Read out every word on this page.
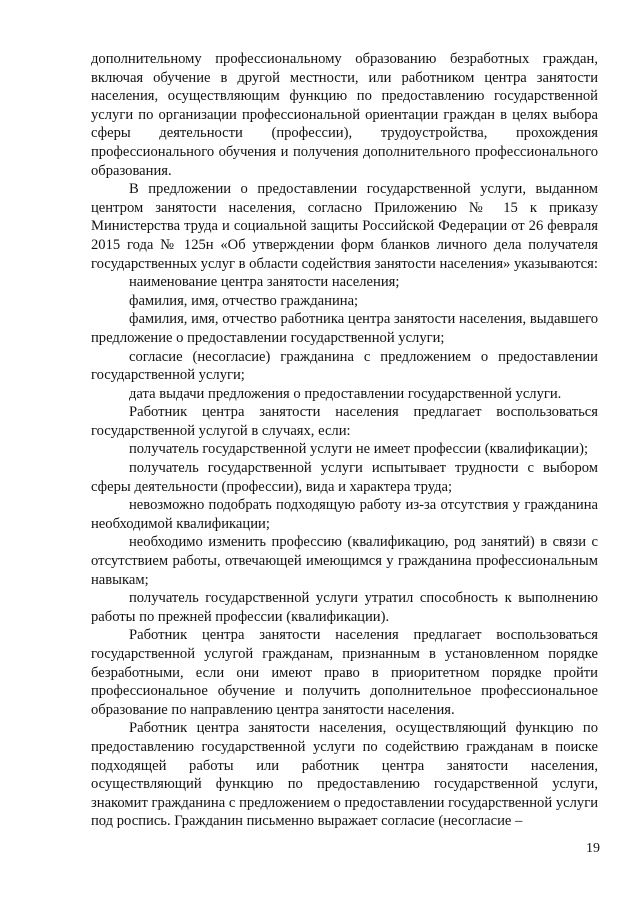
дополнительному профессиональному образованию безработных граждан, включая обучение в другой местности, или работником центра занятости населения, осуществляющим функцию по предоставлению государственной услуги по организации профессиональной ориентации граждан в целях выбора сферы деятельности (профессии), трудоустройства, прохождения профессионального обучения и получения дополнительного профессионального образования.

В предложении о предоставлении государственной услуги, выданном центром занятости населения, согласно Приложению № 15 к приказу Министерства труда и социальной защиты Российской Федерации от 26 февраля 2015 года № 125н «Об утверждении форм бланков личного дела получателя государственных услуг в области содействия занятости населения» указываются:

наименование центра занятости населения;

фамилия, имя, отчество гражданина;

фамилия, имя, отчество работника центра занятости населения, выдавшего предложение о предоставлении государственной услуги;

согласие (несогласие) гражданина с предложением о предоставлении государственной услуги;

дата выдачи предложения о предоставлении государственной услуги.

Работник центра занятости населения предлагает воспользоваться государственной услугой в случаях, если:

получатель государственной услуги не имеет профессии (квалификации);

получатель государственной услуги испытывает трудности с выбором сферы деятельности (профессии), вида и характера труда;

невозможно подобрать подходящую работу из-за отсутствия у гражданина необходимой квалификации;

необходимо изменить профессию (квалификацию, род занятий) в связи с отсутствием работы, отвечающей имеющимся у гражданина профессиональным навыкам;

получатель государственной услуги утратил способность к выполнению работы по прежней профессии (квалификации).

Работник центра занятости населения предлагает воспользоваться государственной услугой гражданам, признанным в установленном порядке безработными, если они имеют право в приоритетном порядке пройти профессиональное обучение и получить дополнительное профессиональное образование по направлению центра занятости населения.

Работник центра занятости населения, осуществляющий функцию по предоставлению государственной услуги по содействию гражданам в поиске подходящей работы или работник центра занятости населения, осуществляющий функцию по предоставлению государственной услуги, знакомит гражданина с предложением о предоставлении государственной услуги под роспись. Гражданин письменно выражает согласие (несогласие –

19
